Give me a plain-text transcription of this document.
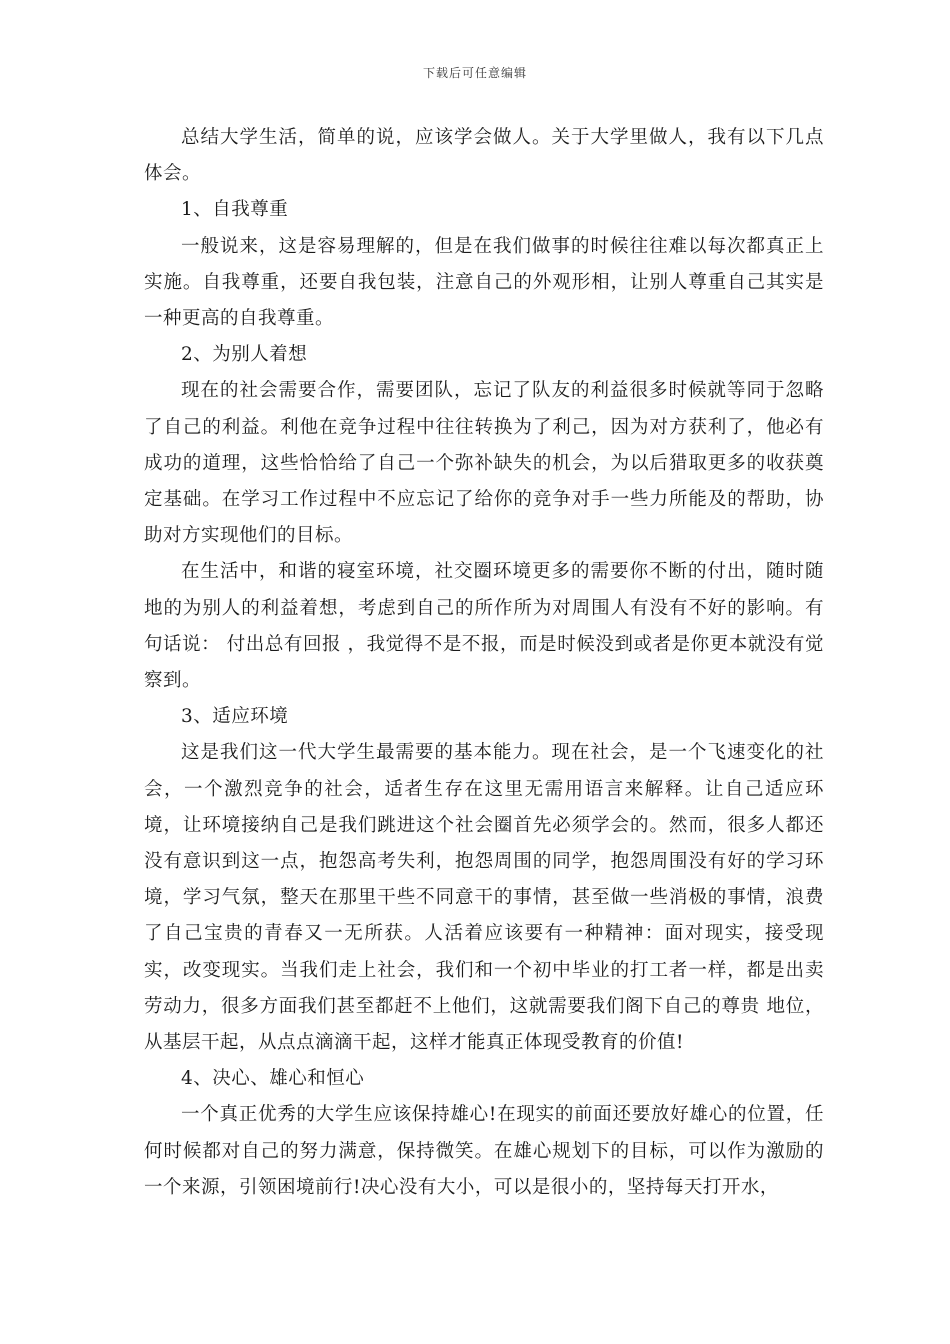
下载后可任意编辑

总结大学生活，简单的说，应该学会做人。关于大学里做人，我有以下几点体会。

1、自我尊重

一般说来，这是容易理解的，但是在我们做事的时候往往难以每次都真正上实施。自我尊重，还要自我包装，注意自己的外观形相，让别人尊重自己其实是一种更高的自我尊重。

2、为别人着想

现在的社会需要合作，需要团队，忘记了队友的利益很多时候就等同于忽略了自己的利益。利他在竞争过程中往往转换为了利己，因为对方获利了，他必有成功的道理，这些恰恰给了自己一个弥补缺失的机会，为以后猎取更多的收获奠定基础。在学习工作过程中不应忘记了给你的竞争对手一些力所能及的帮助，协助对方实现他们的目标。

在生活中，和谐的寝室环境，社交圈环境更多的需要你不断的付出，随时随地的为别人的利益着想，考虑到自己的所作所为对周围人有没有不好的影响。有句话说： 付出总有回报 ，我觉得不是不报，而是时候没到或者是你更本就没有觉察到。

3、适应环境

这是我们这一代大学生最需要的基本能力。现在社会，是一个飞速变化的社会，一个激烈竞争的社会，适者生存在这里无需用语言来解释。让自己适应环境，让环境接纳自己是我们跳进这个社会圈首先必须学会的。然而，很多人都还没有意识到这一点，抱怨高考失利，抱怨周围的同学，抱怨周围没有好的学习环境，学习气氛，整天在那里干些不同意干的事情，甚至做一些消极的事情，浪费了自己宝贵的青春又一无所获。人活着应该要有一种精神：面对现实，接受现实，改变现实。当我们走上社会，我们和一个初中毕业的打工者一样，都是出卖劳动力，很多方面我们甚至都赶不上他们，这就需要我们阁下自己的尊贵 地位，从基层干起，从点点滴滴干起，这样才能真正体现受教育的价值!

4、决心、雄心和恒心

一个真正优秀的大学生应该保持雄心!在现实的前面还要放好雄心的位置，任何时候都对自己的努力满意，保持微笑。在雄心规划下的目标，可以作为激励的一个来源，引领困境前行!决心没有大小，可以是很小的，坚持每天打开水，
